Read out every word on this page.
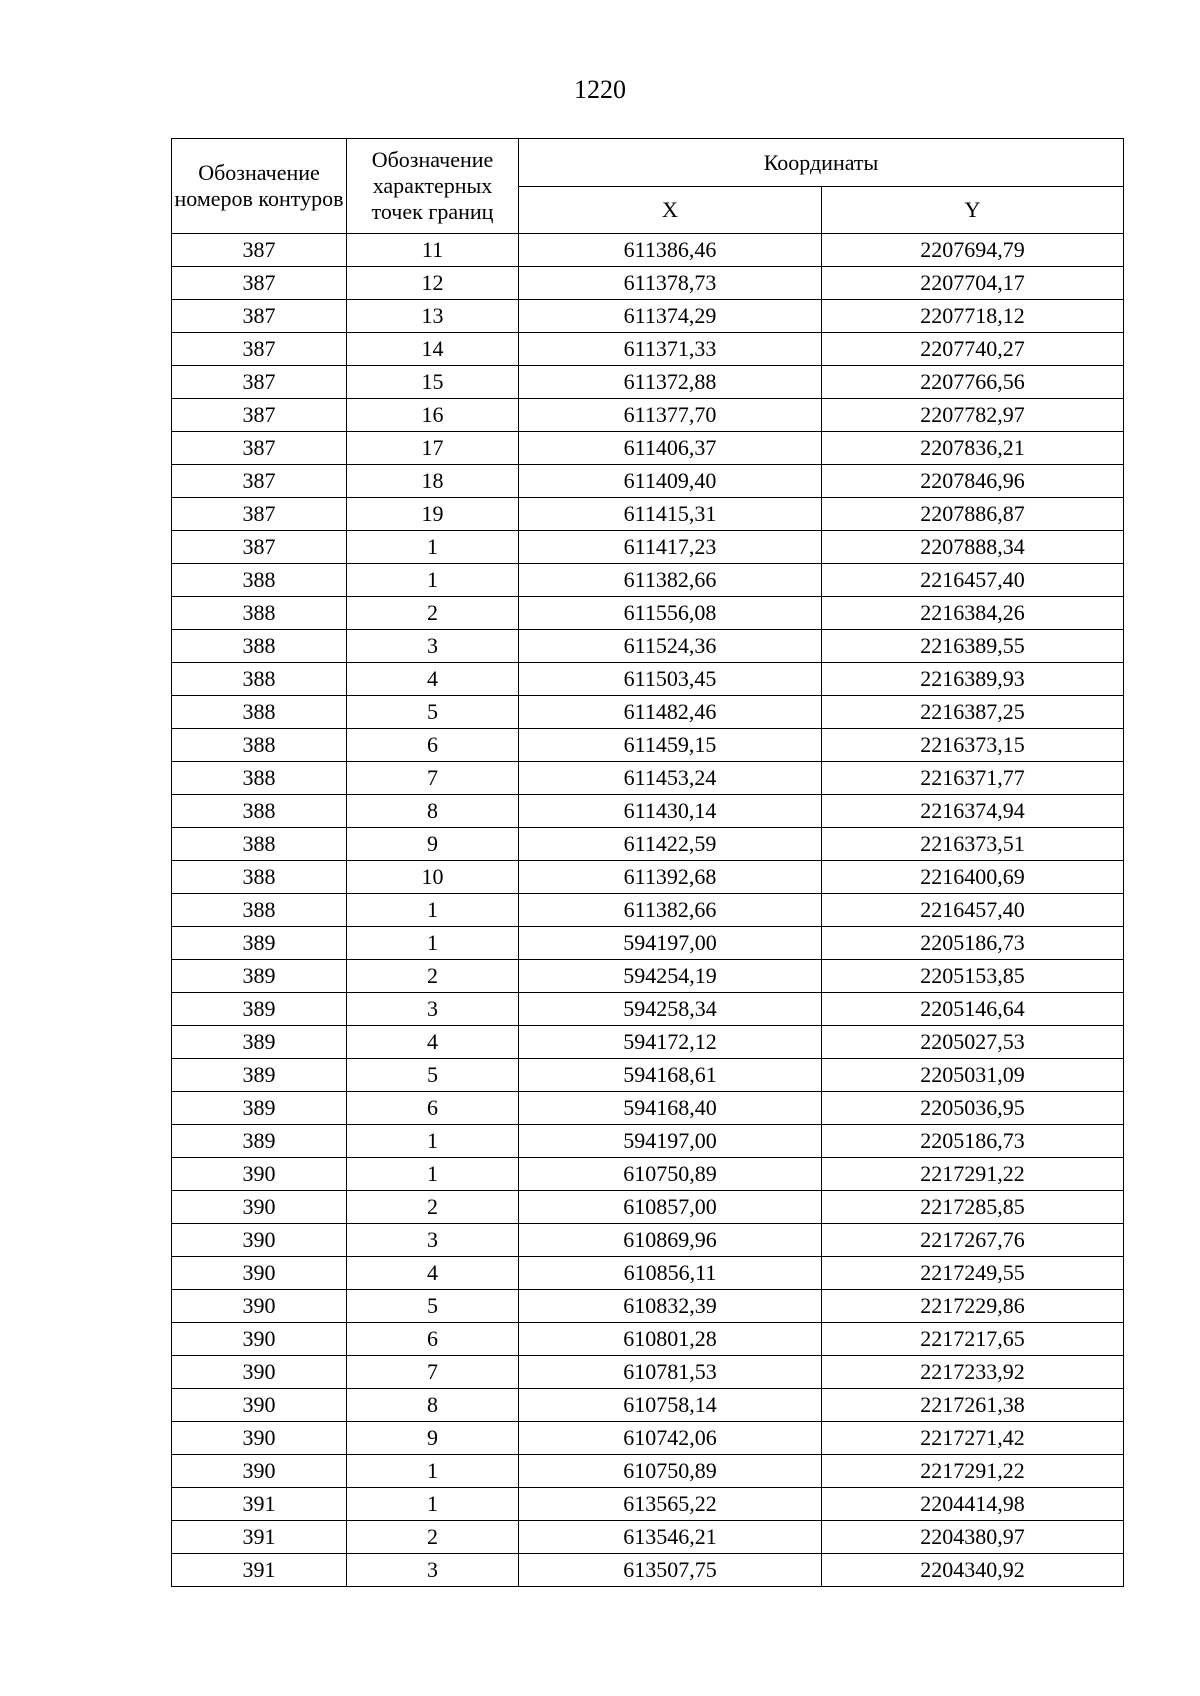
1220
Обозначение номеров контуров	Обозначение характерных точек границ	Координаты	
		X	Y
387	11	611386,46	2207694,79
387	12	611378,73	2207704,17
387	13	611374,29	2207718,12
387	14	611371,33	2207740,27
387	15	611372,88	2207766,56
387	16	611377,70	2207782,97
387	17	611406,37	2207836,21
387	18	611409,40	2207846,96
387	19	611415,31	2207886,87
387	1	611417,23	2207888,34
388	1	611382,66	2216457,40
388	2	611556,08	2216384,26
388	3	611524,36	2216389,55
388	4	611503,45	2216389,93
388	5	611482,46	2216387,25
388	6	611459,15	2216373,15
388	7	611453,24	2216371,77
388	8	611430,14	2216374,94
388	9	611422,59	2216373,51
388	10	611392,68	2216400,69
388	1	611382,66	2216457,40
389	1	594197,00	2205186,73
389	2	594254,19	2205153,85
389	3	594258,34	2205146,64
389	4	594172,12	2205027,53
389	5	594168,61	2205031,09
389	6	594168,40	2205036,95
389	1	594197,00	2205186,73
390	1	610750,89	2217291,22
390	2	610857,00	2217285,85
390	3	610869,96	2217267,76
390	4	610856,11	2217249,55
390	5	610832,39	2217229,86
390	6	610801,28	2217217,65
390	7	610781,53	2217233,92
390	8	610758,14	2217261,38
390	9	610742,06	2217271,42
390	1	610750,89	2217291,22
391	1	613565,22	2204414,98
391	2	613546,21	2204380,97
391	3	613507,75	2204340,92
